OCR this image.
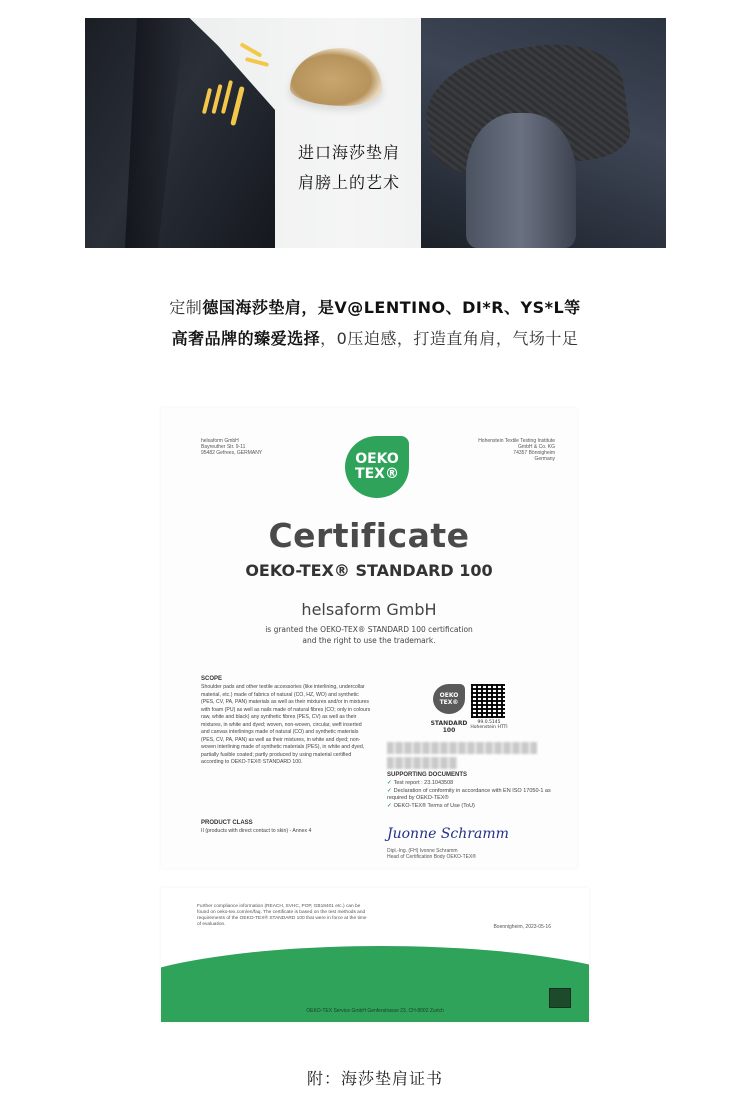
进口海莎垫肩
肩膀上的艺术
定制德国海莎垫肩，是V@LENTINO、DI*R、YS*L等
高奢品牌的臻爱选择，0压迫感，打造直角肩，气场十足
helsaform GmbH
Bayreuther Str. 9-11
95482 Gefrees, GERMANY
Hohenstein Textile Testing Institute
GmbH & Co. KG
74357 Bönnigheim
Germany
OEKO
TEX®
Certificate
OEKO-TEX® STANDARD 100
helsaform GmbH
is granted the OEKO-TEX® STANDARD 100 certification
and the right to use the trademark.
SCOPE
Shoulder pads and other textile accessories (like interlining, undercollar material, etc.) made of fabrics of natural (CO, HZ, WO) and synthetic (PES, CV, PA, PAN) materials as well as their mixtures and/or in mixtures with foam (PU) as well as nails made of natural fibres (CO; only in colours raw, white and black) any synthetic fibres (PES, CV) as well as their mixtures, in white and dyed; woven, non-woven, circular, weft inserted and canvas interlinings made of natural (CO) and synthetic materials (PES, CV, PA, PAN) as well as their mixtures, in white and dyed; non-woven interlining made of synthetic materials (PES), in white and dyed, partially fusible coated; partly produced by using material certified according to OEKO-TEX® STANDARD 100.
PRODUCT CLASS
II (products with direct contact to skin) - Annex 4
OEKO
TEX®
STANDARD
100
99.0.5145
Hohenstein HTTI
SUPPORTING DOCUMENTS
✓ Test report : 23.1043508
✓ Declaration of conformity in accordance with EN ISO 17050-1 as required by OEKO-TEX®
✓ OEKO-TEX® Terms of Use (ToU)
Juonne Schramm
Dipl.-Ing. (FH) Ivonne Schramm
Head of Certification Body OEKO-TEX®
Further compliance information (REACH, SVHC, POP, GB18401 etc.) can be found on oeko-tex.com/en/faq. The certificate is based on the test methods and requirements of the OEKO-TEX® STANDARD 100 that were in force at the time of evaluation.	Boennigheim, 2023-05-16
OEKO-TEX Service GmbH Genferstrasse 23, CH-8002 Zurich
附：海莎垫肩证书
